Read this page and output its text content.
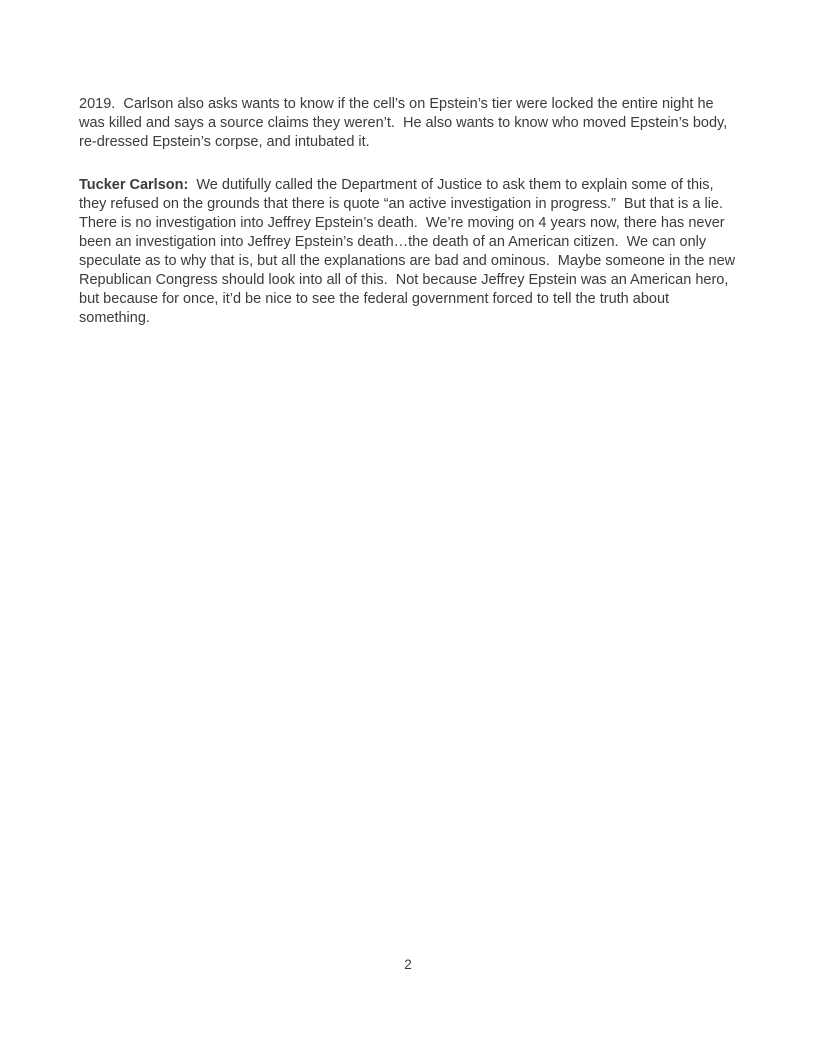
2019.  Carlson also asks wants to know if the cell’s on Epstein’s tier were locked the entire night he was killed and says a source claims they weren’t.  He also wants to know who moved Epstein’s body, re-dressed Epstein’s corpse, and intubated it.

Tucker Carlson:  We dutifully called the Department of Justice to ask them to explain some of this, they refused on the grounds that there is quote “an active investigation in progress.”  But that is a lie.  There is no investigation into Jeffrey Epstein’s death.  We’re moving on 4 years now, there has never been an investigation into Jeffrey Epstein’s death…the death of an American citizen.  We can only speculate as to why that is, but all the explanations are bad and ominous.  Maybe someone in the new Republican Congress should look into all of this.  Not because Jeffrey Epstein was an American hero, but because for once, it’d be nice to see the federal government forced to tell the truth about something.

2
